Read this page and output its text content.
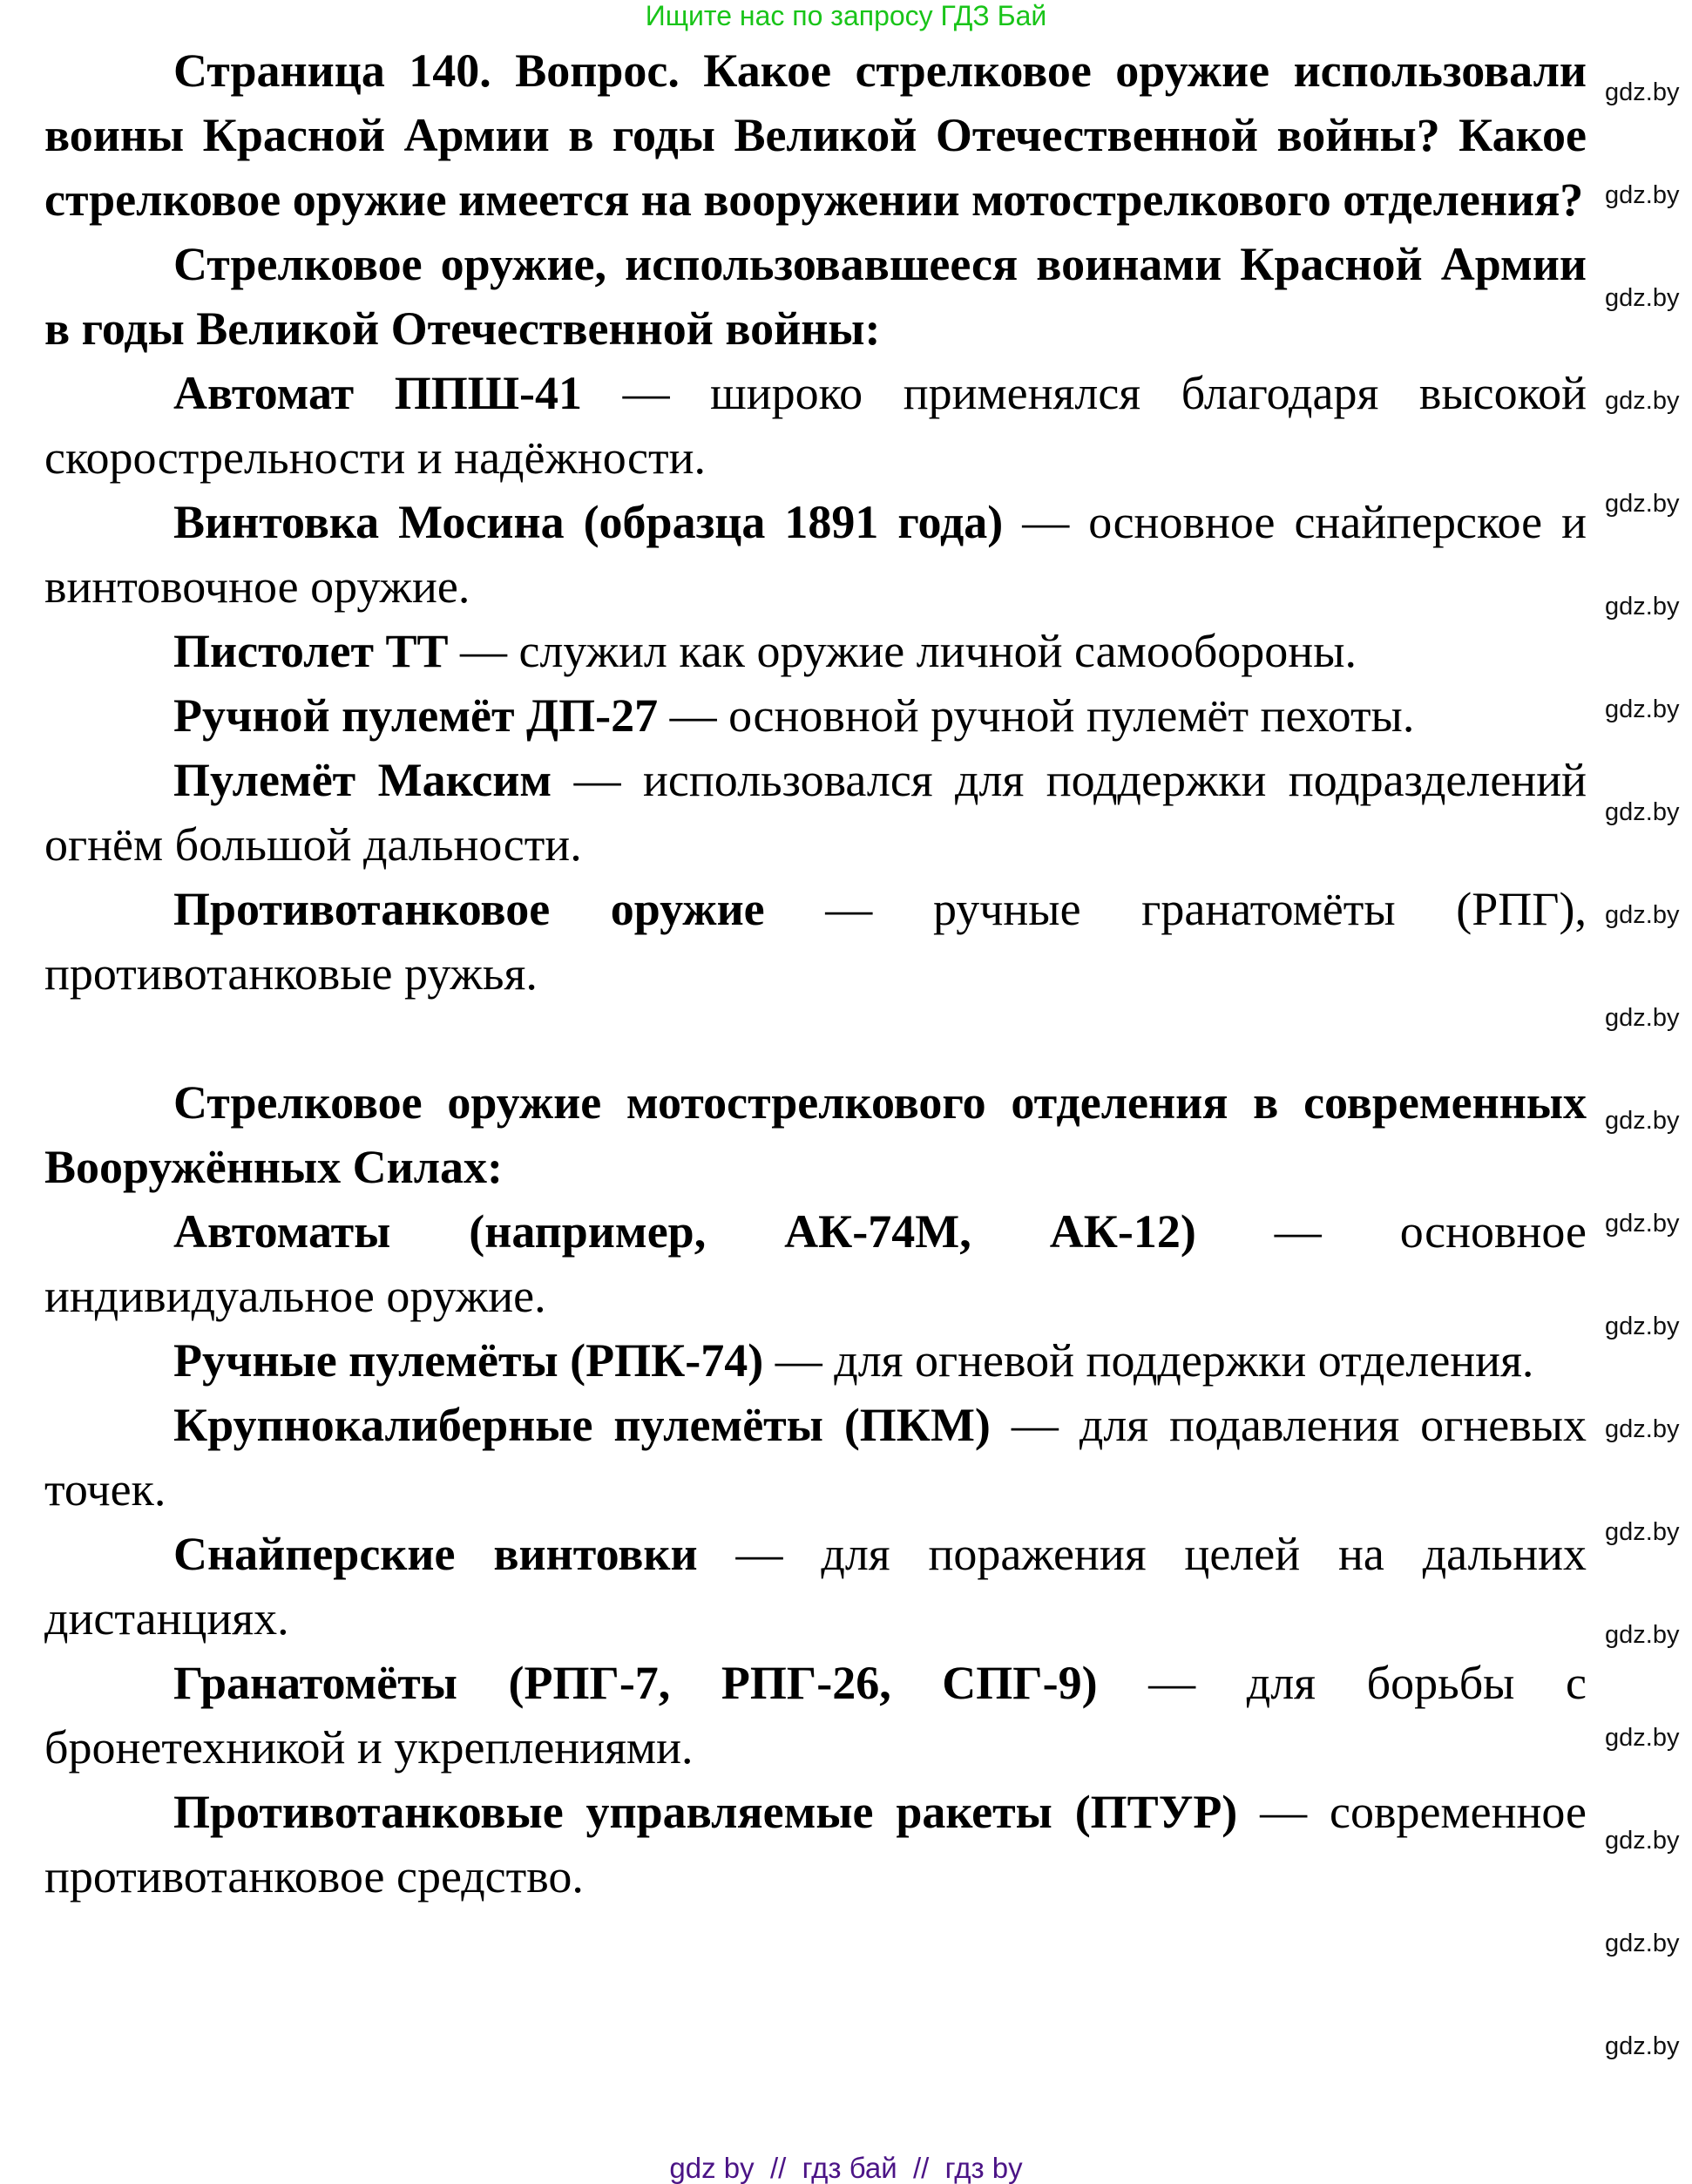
Ищите нас по запросу ГДЗ Бай

Страница 140. Вопрос. Какое стрелковое оружие использовали воины Красной Армии в годы Великой Отечественной войны? Какое стрелковое оружие имеется на вооружении мотострелкового отделения?

Стрелковое оружие, использовавшееся воинами Красной Армии в годы Великой Отечественной войны:

Автомат ППШ-41 — широко применялся благодаря высокой скорострельности и надёжности.

Винтовка Мосина (образца 1891 года) — основное снайперское и винтовочное оружие.

Пистолет ТТ — служил как оружие личной самообороны.

Ручной пулемёт ДП-27 — основной ручной пулемёт пехоты.

Пулемёт Максим — использовался для поддержки подразделений огнём большой дальности.

Противотанковое оружие — ручные гранатомёты (РПГ), противотанковые ружья.

Стрелковое оружие мотострелкового отделения в современных Вооружённых Силах:

Автоматы (например, АК-74М, АК-12) — основное индивидуальное оружие.

Ручные пулемёты (РПК-74) — для огневой поддержки отделения.

Крупнокалиберные пулемёты (ПКМ) — для подавления огневых точек.

Снайперские винтовки — для поражения целей на дальних дистанциях.

Гранатомёты (РПГ-7, РПГ-26, СПГ-9) — для борьбы с бронетехникой и укреплениями.

Противотанковые управляемые ракеты (ПТУР) — современное противотанковое средство.

gdz.by
gdz.by
gdz.by
gdz.by
gdz.by
gdz.by
gdz.by
gdz.by
gdz.by
gdz.by
gdz.by
gdz.by
gdz.by
gdz.by
gdz.by
gdz.by
gdz.by
gdz.by
gdz.by
gdz.by
gdz by  //  гдз бай  //  гдз by
